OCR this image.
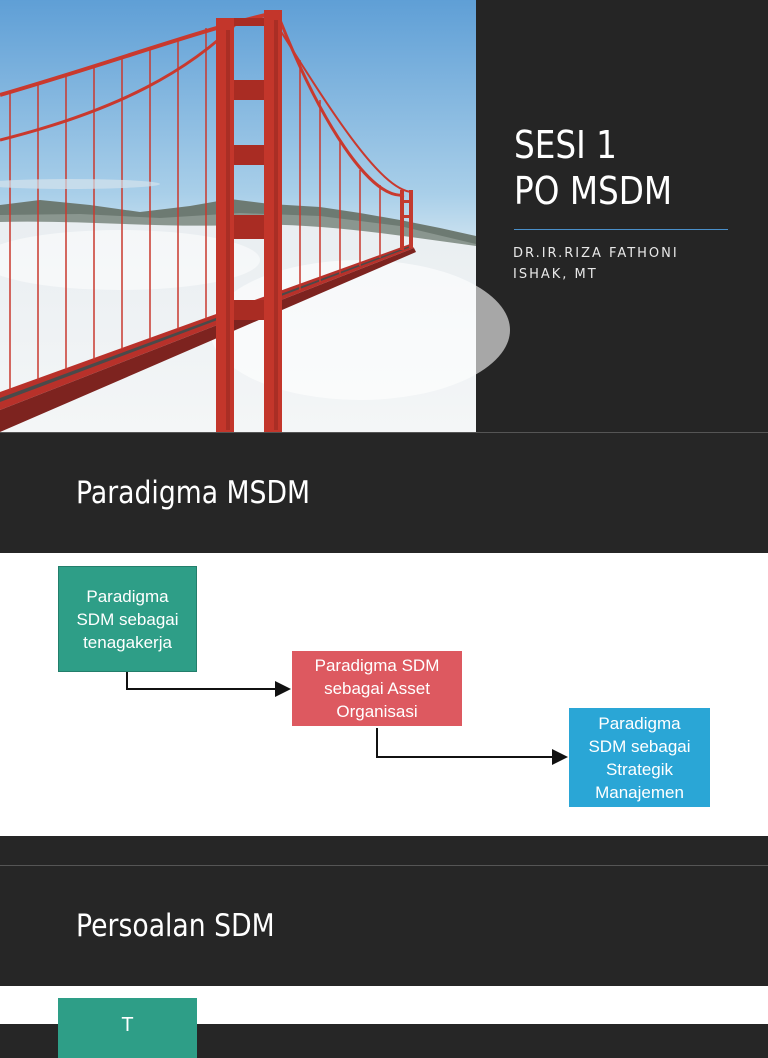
SESI 1
PO MSDM
DR.IR.RIZA FATHONI
ISHAK, MT
Paradigma MSDM
Paradigma
SDM sebagai
tenagakerja
Paradigma SDM
sebagai Asset
Organisasi
Paradigma
SDM sebagai
Strategik
Manajemen
Persoalan SDM
T
